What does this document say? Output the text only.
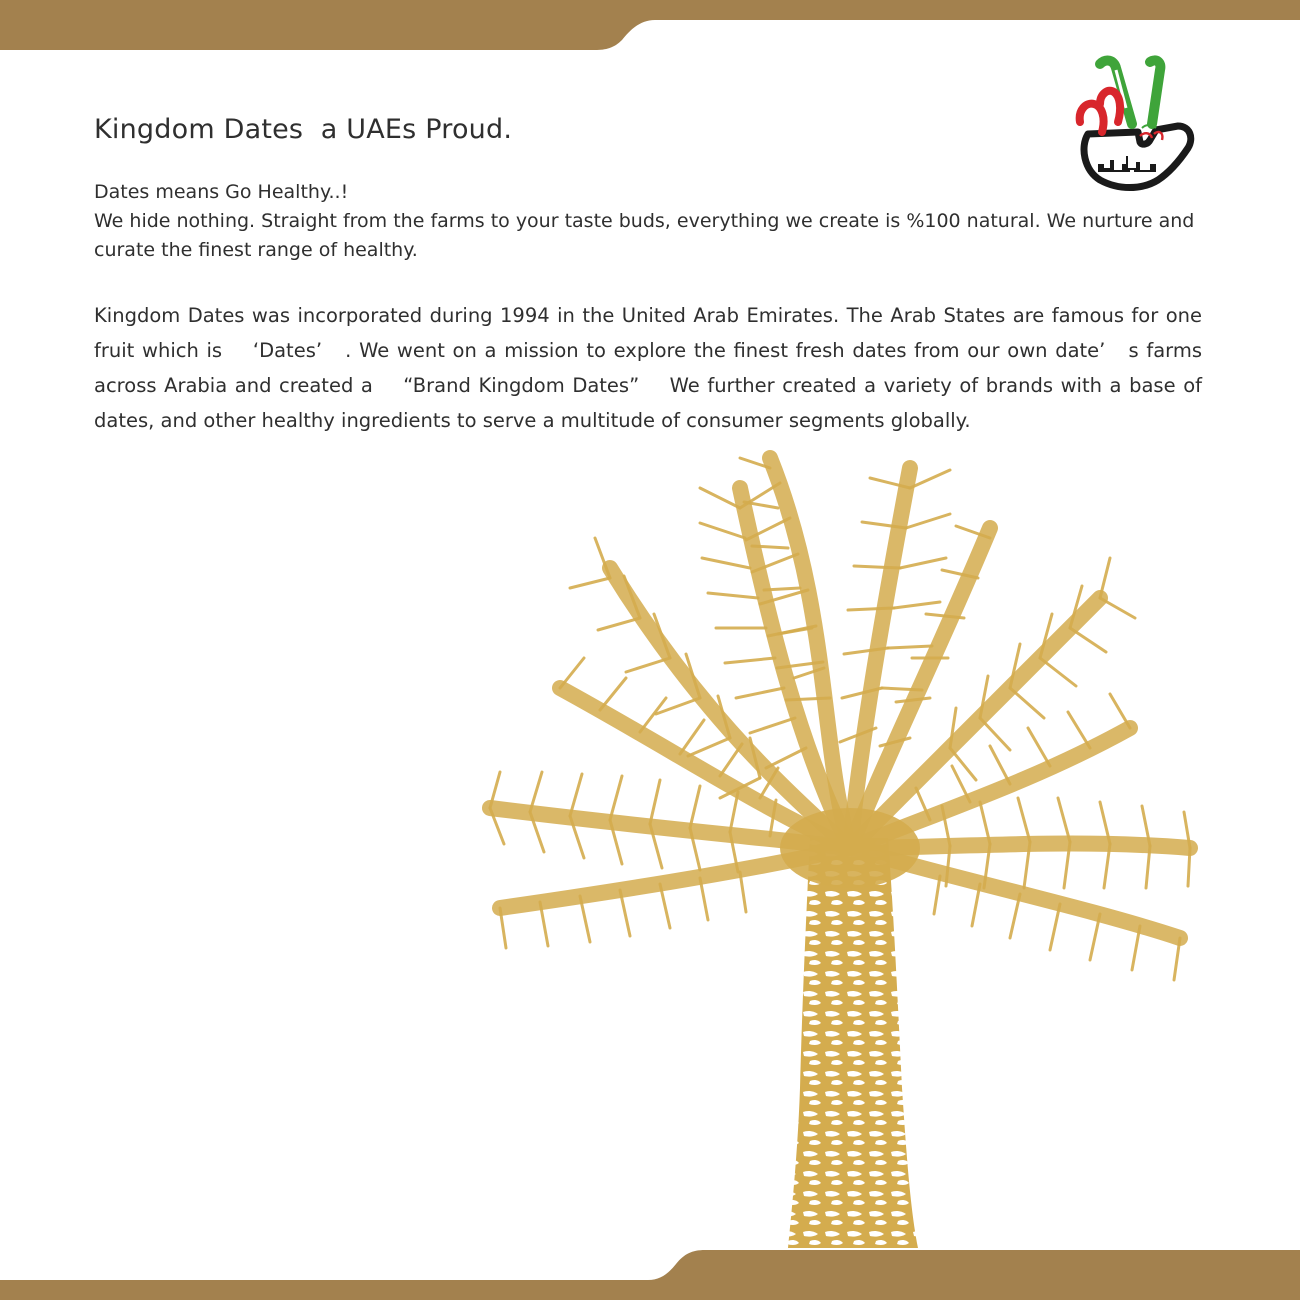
Kingdom Dates  a UAEs Proud.
Dates means Go Healthy..!
We hide nothing. Straight from the farms to your taste buds, everything we create is %100 natural. We nurture and curate the finest range of healthy.

Kingdom Dates was incorporated during 1994 in the United Arab Emirates. The Arab States are famous for one fruit which is    ‘Dates’   . We went on a mission to explore the finest fresh dates from our own date’   s farms across Arabia and created a    “Brand Kingdom Dates”    We further created a variety of brands with a base of dates, and other healthy ingredients to serve a multitude of consumer segments globally.
